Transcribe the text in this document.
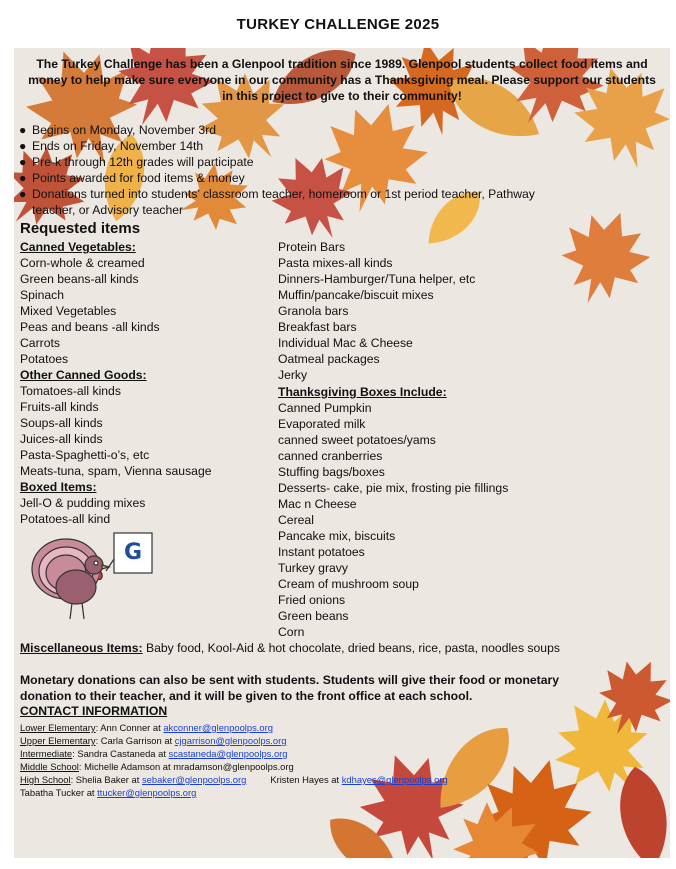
TURKEY CHALLENGE 2025
The Turkey Challenge has been a Glenpool tradition since 1989. Glenpool students collect food items and money to help make sure everyone in our community has a Thanksgiving meal. Please support our students in this project to give to their community!
● Begins on Monday, November 3rd
● Ends on Friday, November 14th
● Pre-k through 12th grades will participate
● Points awarded for food items & money
● Donations turned into students’ classroom teacher, homeroom or 1st period teacher, Pathway teacher, or Advisory teacher
Requested items
Canned Vegetables:
Corn-whole & creamed
Green beans-all kinds
Spinach
Mixed Vegetables
Peas and beans -all kinds
Carrots
Potatoes
Other Canned Goods:
Tomatoes-all kinds
Fruits-all kinds
Soups-all kinds
Juices-all kinds
Pasta-Spaghetti-o’s, etc
Meats-tuna, spam, Vienna sausage
Boxed Items:
Jell-O & pudding mixes
Potatoes-all kind
Protein Bars
Pasta mixes-all kinds
Dinners-Hamburger/Tuna helper, etc
Muffin/pancake/biscuit mixes
Granola bars
Breakfast bars
Individual Mac & Cheese
Oatmeal packages
Jerky
Thanksgiving Boxes Include:
Canned Pumpkin
Evaporated milk
canned sweet potatoes/yams
canned cranberries
Stuffing bags/boxes
Desserts- cake, pie mix, frosting pie fillings
Mac n Cheese
Cereal
Pancake mix, biscuits
Instant potatoes
Turkey gravy
Cream of mushroom soup
Fried onions
Green beans
Corn
G
Miscellaneous Items: Baby food, Kool-Aid & hot chocolate, dried beans, rice, pasta, noodles soups
Monetary donations can also be sent with students. Students will give their food or monetary donation to their teacher, and it will be given to the front office at each school.
CONTACT INFORMATION
Lower Elementary: Ann Conner at akconner@glenpoolps.org
Upper Elementary: Carla Garrison at cjgarrison@glenpoolps.org
Intermediate: Sandra Castaneda at scastaneda@glenpoolps.org
Middle School: Michelle Adamson at mradamson@glenpoolps.org
High School: Shelia Baker at sebaker@glenpoolps.org	Kristen Hayes at kdhayes@glenpoolps.org
Tabatha Tucker at ttucker@glenpoolps.org
